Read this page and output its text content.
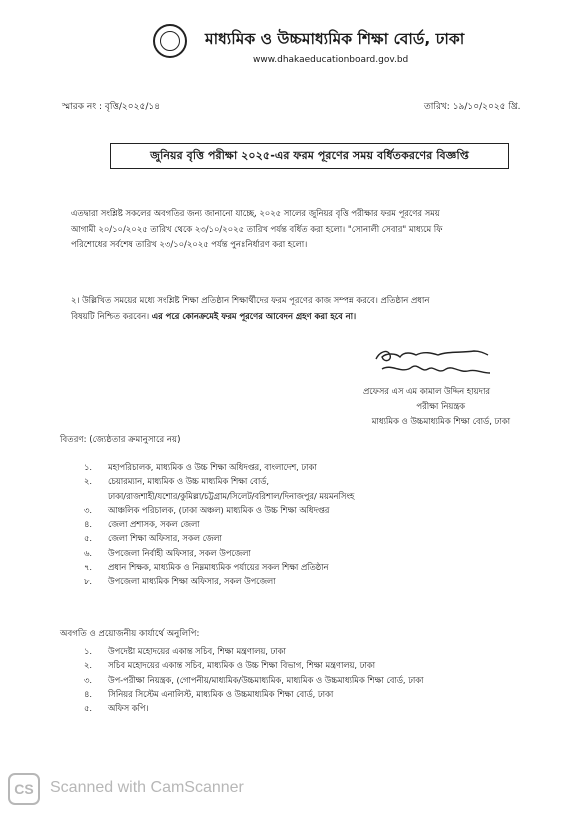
মাধ্যমিক ও উচ্চমাধ্যমিক শিক্ষা বোর্ড, ঢাকা
www.dhakaeducationboard.gov.bd
স্মারক নং : বৃত্তি/২০২৫/১৪	তারিখ: ১৯/১০/২০২৫ খ্রি.
জুনিয়র বৃত্তি পরীক্ষা ২০২৫-এর ফরম পূরণের সময় বর্ধিতকরণের বিজ্ঞপ্তি
এতদ্বারা সংশ্লিষ্ট সকলের অবগতির জন্য জানানো যাচ্ছে, ২০২৫ সালের জুনিয়র বৃত্তি পরীক্ষার ফরম পূরণের সময়
আগামী ২০/১০/২০২৫ তারিখ থেকে ২৩/১০/২০২৫ তারিখ পর্যন্ত বর্ধিত করা হলো। "সোনালী সেবার" মাধ্যমে ফি
পরিশোধের সর্বশেষ তারিখ ২৩/১০/২০২৫ পর্যন্ত পুনঃনির্ধারণ করা হলো।
২। উল্লিখিত সময়ের মধ্যে সংশ্লিষ্ট শিক্ষা প্রতিষ্ঠান শিক্ষার্থীদের ফরম পূরণের কাজ সম্পন্ন করবে। প্রতিষ্ঠান প্রধান
বিষয়টি নিশ্চিত করবেন। এর পরে কোনক্রমেই ফরম পূরণের আবেদন গ্রহণ করা হবে না।
প্রফেসর এস এম কামাল উদ্দিন হায়দার
পরীক্ষা নিয়ন্ত্রক
মাধ্যমিক ও উচ্চমাধ্যমিক শিক্ষা বোর্ড, ঢাকা
বিতরণ: (জ্যেষ্ঠতার ক্রমানুসারে নয়)
১.	মহাপরিচালক, মাধ্যমিক ও উচ্চ শিক্ষা অধিদপ্তর, বাংলাদেশ, ঢাকা
২.	চেয়ারম্যান, মাধ্যমিক ও উচ্চ মাধ্যমিক শিক্ষা বোর্ড,
ঢাকা/রাজশাহী/যশোর/কুমিল্লা/চট্টগ্রাম/সিলেট/বরিশাল/দিনাজপুর/ ময়মনসিংহ
৩.	আঞ্চলিক পরিচালক, (ঢাকা অঞ্চল) মাধ্যমিক ও উচ্চ শিক্ষা অধিদপ্তর
৪.	জেলা প্রশাসক, সকল জেলা
৫.	জেলা শিক্ষা অফিসার, সকল জেলা
৬.	উপজেলা নির্বাহী অফিসার, সকল উপজেলা
৭.	প্রধান শিক্ষক, মাধ্যমিক ও নিম্নমাধ্যমিক পর্যায়ের সকল শিক্ষা প্রতিষ্ঠান
৮.	উপজেলা মাধ্যমিক শিক্ষা অফিসার, সকল উপজেলা
অবগতি ও প্রয়োজনীয় কার্যার্থে অনুলিপি:
১.	উপদেষ্টা মহোদয়ের একান্ত সচিব, শিক্ষা মন্ত্রণালয়, ঢাকা
২.	সচিব মহোদয়ের একান্ত সচিব, মাধ্যমিক ও উচ্চ শিক্ষা বিভাগ, শিক্ষা মন্ত্রণালয়, ঢাকা
৩.	উপ-পরীক্ষা নিয়ন্ত্রক, (গোপনীয়/মাধ্যমিক/উচ্চমাধ্যমিক, মাধ্যমিক ও উচ্চমাধ্যমিক শিক্ষা বোর্ড, ঢাকা
৪.	সিনিয়র সিস্টেম এনালিস্ট, মাধ্যমিক ও উচ্চমাধ্যমিক শিক্ষা বোর্ড, ঢাকা
৫.	অফিস কপি।
CS	Scanned with CamScanner
